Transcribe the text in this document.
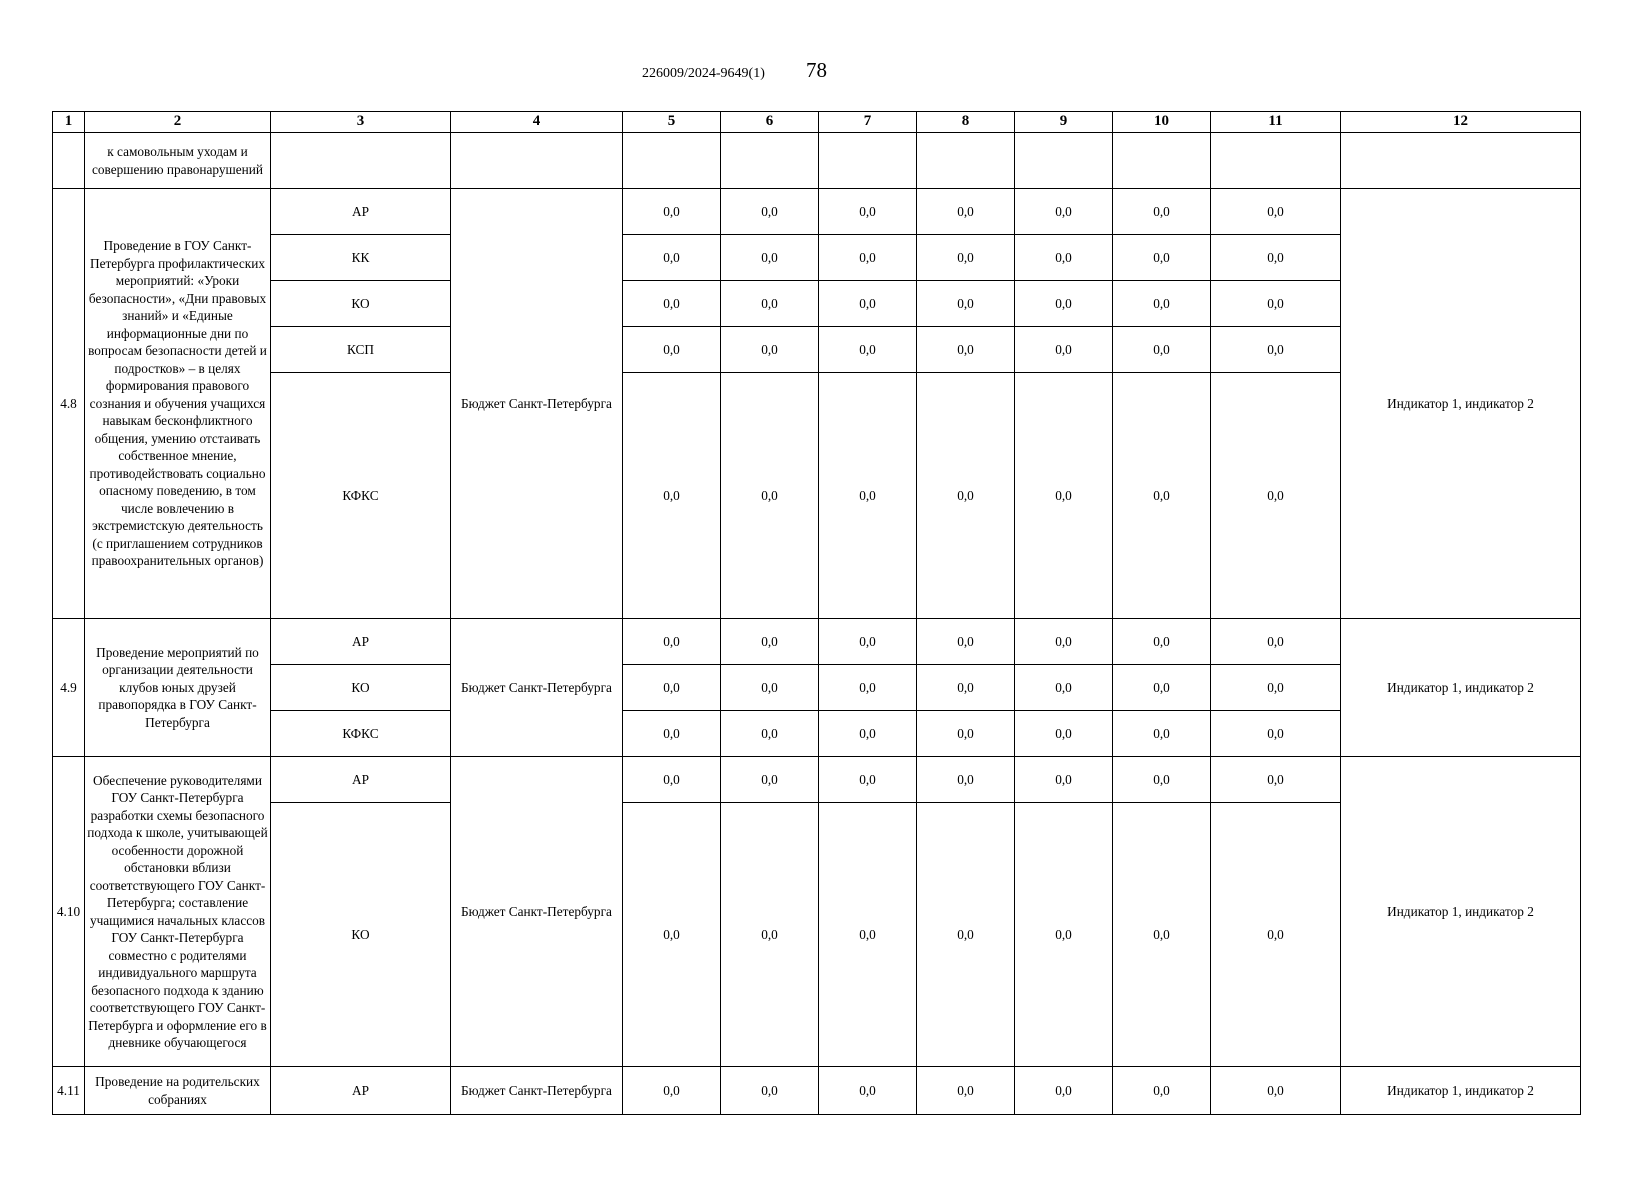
226009/2024-9649(1) 78
1	2	3	4	5	6	7	8	9	10	11	12
	к самовольным уходам и совершению правонарушений										
4.8	Проведение в ГОУ Санкт-Петербурга профилактических мероприятий: «Уроки безопасности», «Дни правовых знаний» и «Единые информационные дни по вопросам безопасности детей и подростков» – в целях формирования правового сознания и обучения учащихся навыкам бесконфликтного общения, умению отстаивать собственное мнение, противодействовать социально опасному поведению, в том числе вовлечению в экстремистскую деятельность (с приглашением сотрудников правоохранительных органов)	АР	Бюджет Санкт-Петербурга	0,0	0,0	0,0	0,0	0,0	0,0	0,0	Индикатор 1, индикатор 2
		КК		0,0	0,0	0,0	0,0	0,0	0,0	0,0	
		КО		0,0	0,0	0,0	0,0	0,0	0,0	0,0	
		КСП		0,0	0,0	0,0	0,0	0,0	0,0	0,0	
		КФКС		0,0	0,0	0,0	0,0	0,0	0,0	0,0	
4.9	Проведение мероприятий по организации деятельности клубов юных друзей правопорядка в ГОУ Санкт-Петербурга	АР	Бюджет Санкт-Петербурга	0,0	0,0	0,0	0,0	0,0	0,0	0,0	Индикатор 1, индикатор 2
		КО		0,0	0,0	0,0	0,0	0,0	0,0	0,0	
		КФКС		0,0	0,0	0,0	0,0	0,0	0,0	0,0	
4.10	Обеспечение руководителями ГОУ Санкт-Петербурга разработки схемы безопасного подхода к школе, учитывающей особенности дорожной обстановки вблизи соответствующего ГОУ Санкт-Петербурга; составление учащимися начальных классов ГОУ Санкт-Петербурга совместно с родителями индивидуального маршрута безопасного подхода к зданию соответствующего ГОУ Санкт-Петербурга и оформление его в дневнике обучающегося	АР	Бюджет Санкт-Петербурга	0,0	0,0	0,0	0,0	0,0	0,0	0,0	Индикатор 1, индикатор 2
		КО		0,0	0,0	0,0	0,0	0,0	0,0	0,0	
4.11	Проведение на родительских собраниях	АР	Бюджет Санкт-Петербурга	0,0	0,0	0,0	0,0	0,0	0,0	0,0	Индикатор 1, индикатор 2
